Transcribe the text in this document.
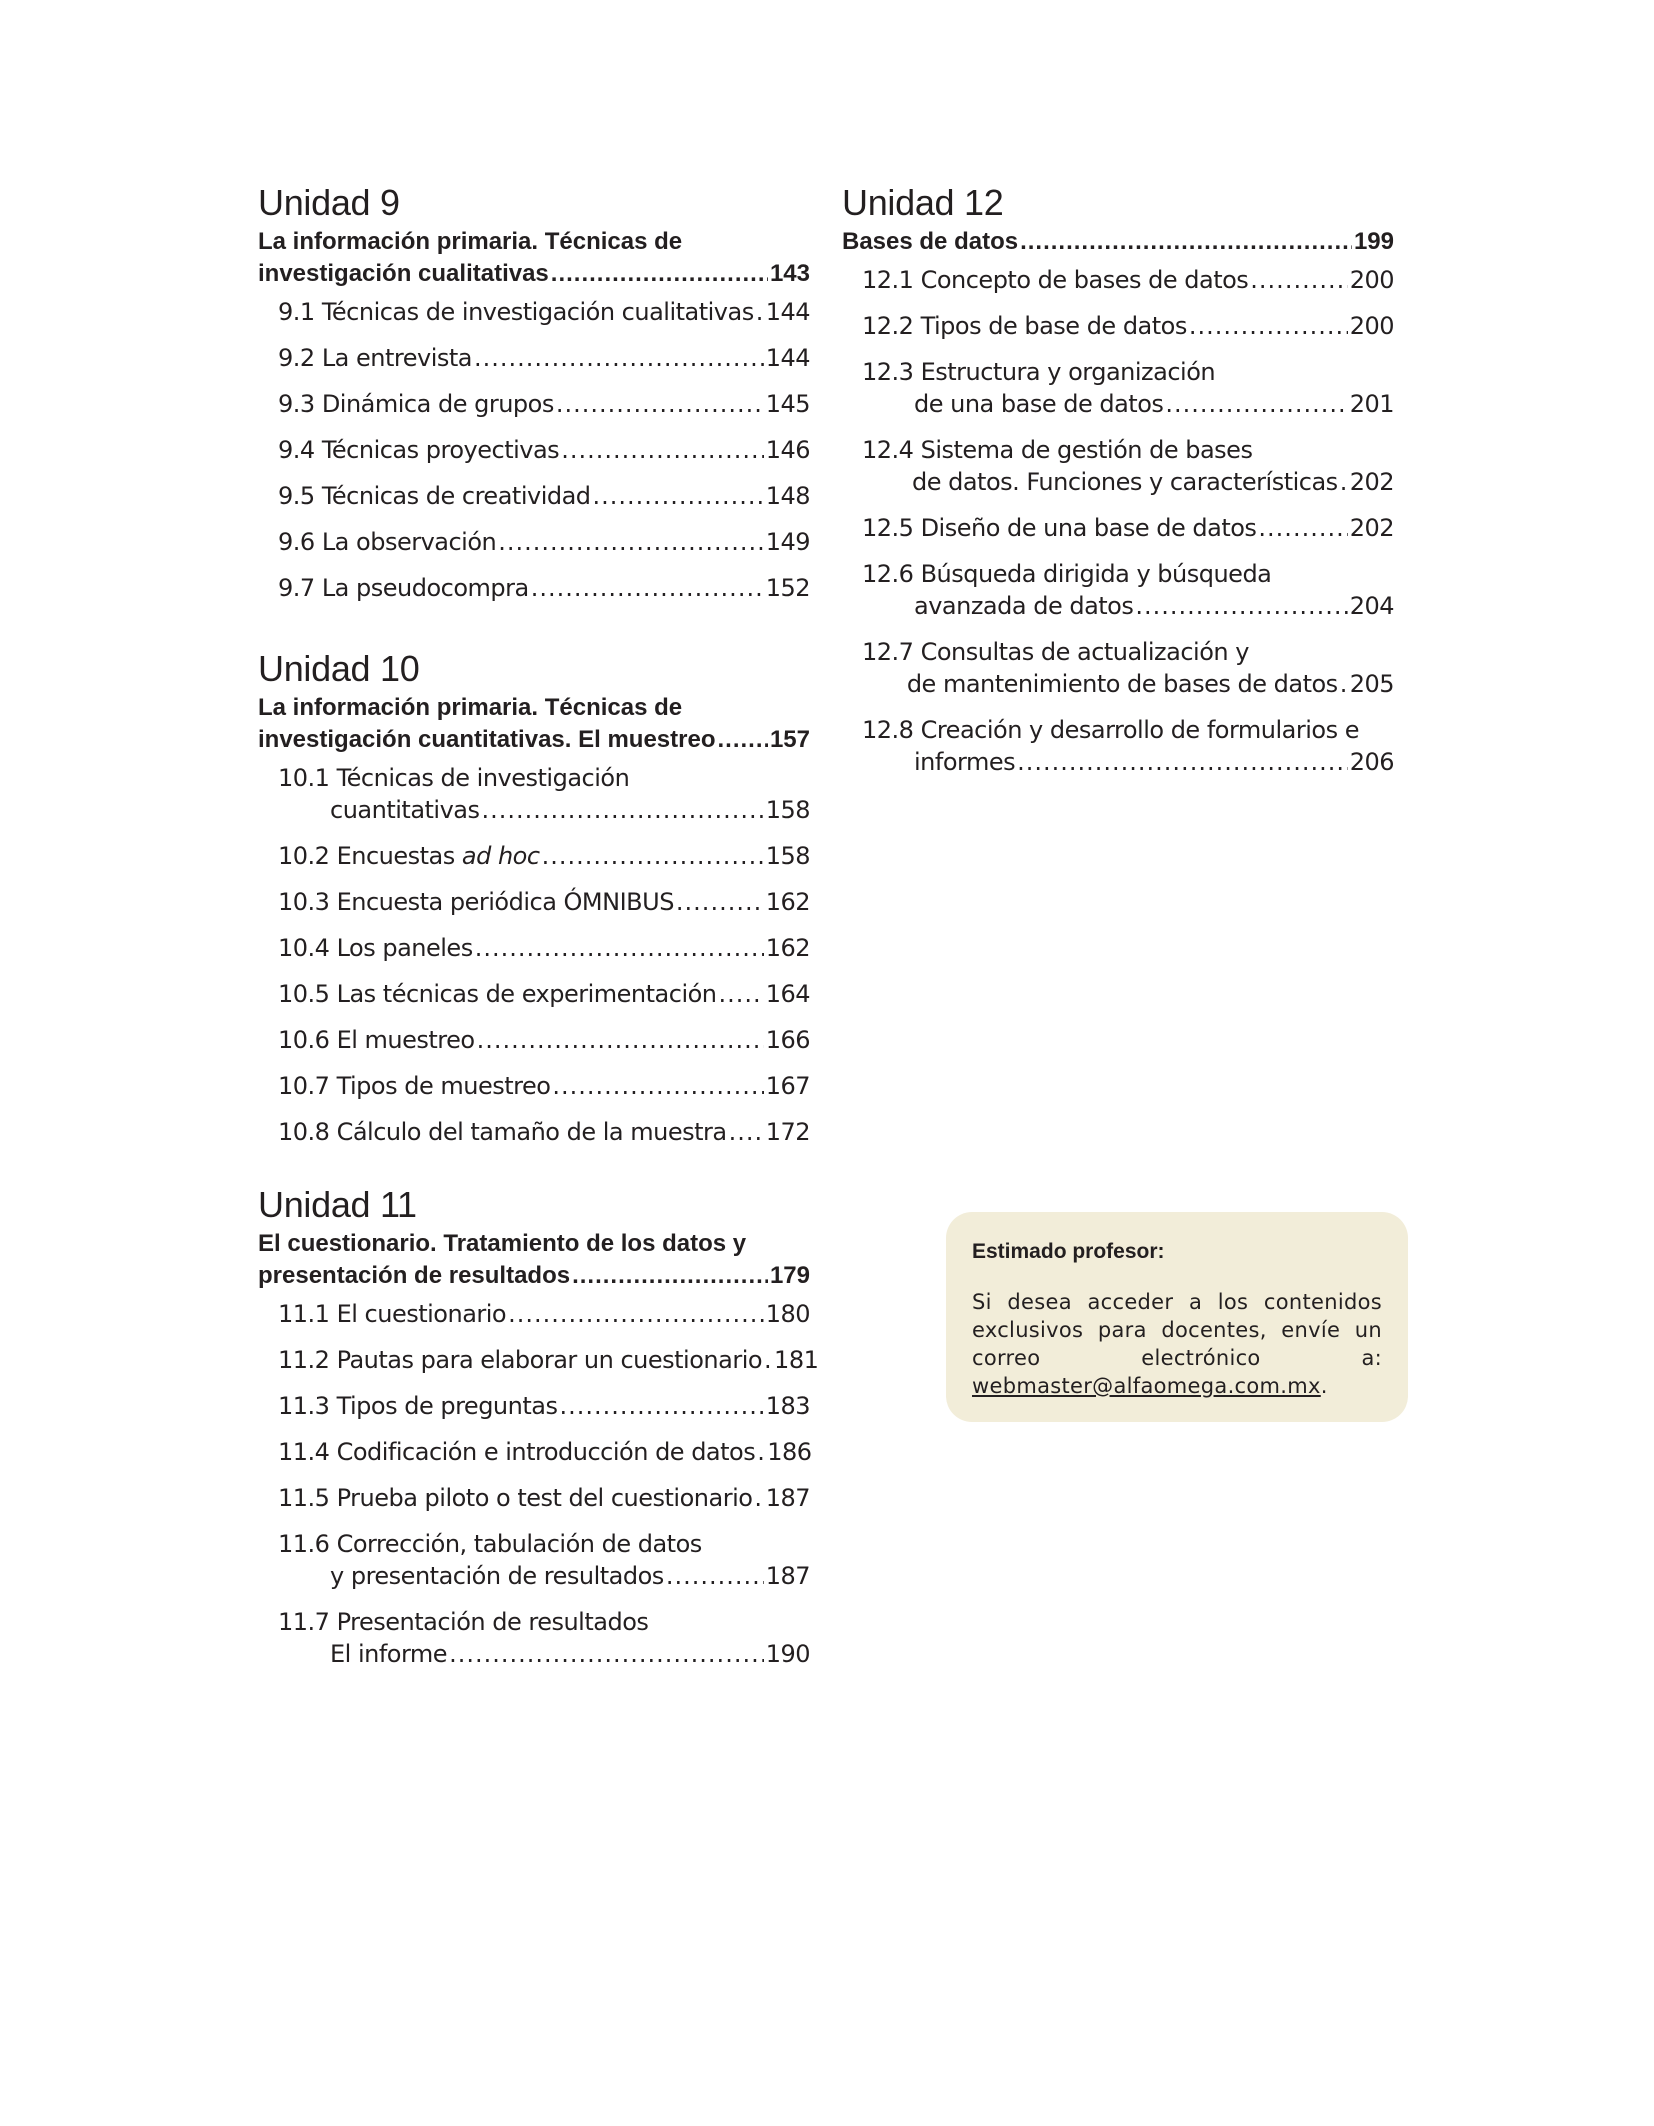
Unidad 9
La información primaria. Técnicas de
investigación cualitativas .....	143
9.1 Técnicas de investigación cualitativas ..... 144
9.2 La entrevista .....	144
9.3 Dinámica de grupos .....	145
9.4 Técnicas proyectivas .....	146
9.5 Técnicas de creatividad .....	148
9.6 La observación .....	149
9.7 La pseudocompra .....	152
Unidad 10
La información primaria. Técnicas de
investigación cuantitativas. El muestreo ..... 157
10.1 Técnicas de investigación
cuantitativas .....	158
10.2 Encuestas ad hoc .....	158
10.3 Encuesta periódica ÓMNIBUS .....	162
10.4 Los paneles .....	162
10.5 Las técnicas de experimentación ..... 164
10.6 El muestreo .....	166
10.7 Tipos de muestreo .....	167
10.8 Cálculo del tamaño de la muestra ..... 172
Unidad 11
El cuestionario. Tratamiento de los datos y
presentación de resultados .....	179
11.1 El cuestionario .....	180
11.2 Pautas para elaborar un cuestionario ..... 181
11.3 Tipos de preguntas .....	183
11.4 Codificación e introducción de datos ..... 186
11.5 Prueba piloto o test del cuestionario ..... 187
11.6 Corrección, tabulación de datos
y presentación de resultados .....	187
11.7 Presentación de resultados
El informe .....	190
Unidad 12
Bases de datos .....	199
12.1 Concepto de bases de datos .....	200
12.2 Tipos de base de datos .....	200
12.3 Estructura y organización
de una base de datos .....	201
12.4 Sistema de gestión de bases
de datos. Funciones y características ..... 202
12.5 Diseño de una base de datos .....	202
12.6 Búsqueda dirigida y búsqueda
avanzada de datos .....	204
12.7 Consultas de actualización y
de mantenimiento de bases de datos ..... 205
12.8 Creación y desarrollo de formularios e
informes .....	206
Estimado profesor:
Si desea acceder a los contenidos exclusivos para docentes, envíe un correo electrónico a: webmaster@alfaomega.com.mx.
